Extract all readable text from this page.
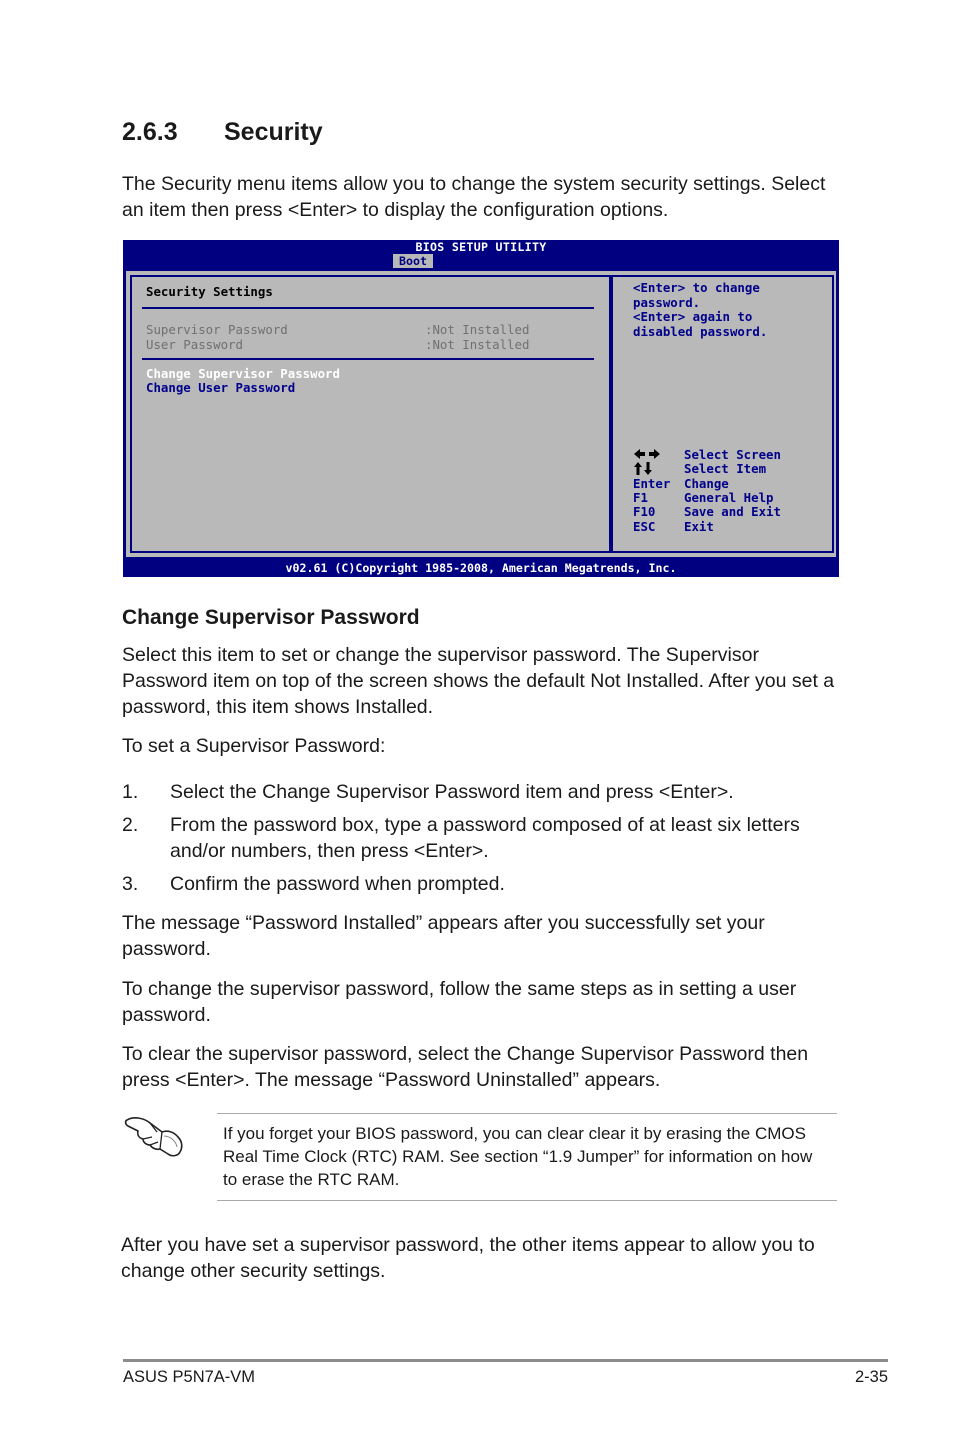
2.6.3 Security
The Security menu items allow you to change the system security settings. Select
an item then press <Enter> to display the configuration options.
BIOS SETUP UTILITY
Boot
Security Settings
Supervisor Password	:Not Installed
User Password	:Not Installed
Change Supervisor Password
Change User Password
<Enter> to change
password.
<Enter> again to
disabled password.
Select Screen
Select Item
Enter Change
F1	General Help
F10 Save and Exit
ESC Exit
v02.61 (C)Copyright 1985-2008, American Megatrends, Inc.
Change Supervisor Password
Select this item to set or change the supervisor password. The Supervisor
Password item on top of the screen shows the default Not Installed. After you set a
password, this item shows Installed.
To set a Supervisor Password:
1. Select the Change Supervisor Password item and press <Enter>.
2. From the password box, type a password composed of at least six letters
and/or numbers, then press <Enter>.
3. Confirm the password when prompted.
The message “Password Installed” appears after you successfully set your
password.
To change the supervisor password, follow the same steps as in setting a user
password.
To clear the supervisor password, select the Change Supervisor Password then
press <Enter>. The message “Password Uninstalled” appears.
If you forget your BIOS password, you can clear clear it by erasing the CMOS
Real Time Clock (RTC) RAM. See section “1.9 Jumper” for information on how
to erase the RTC RAM.
After you have set a supervisor password, the other items appear to allow you to
change other security settings.
ASUS P5N7A-VM	2-35
